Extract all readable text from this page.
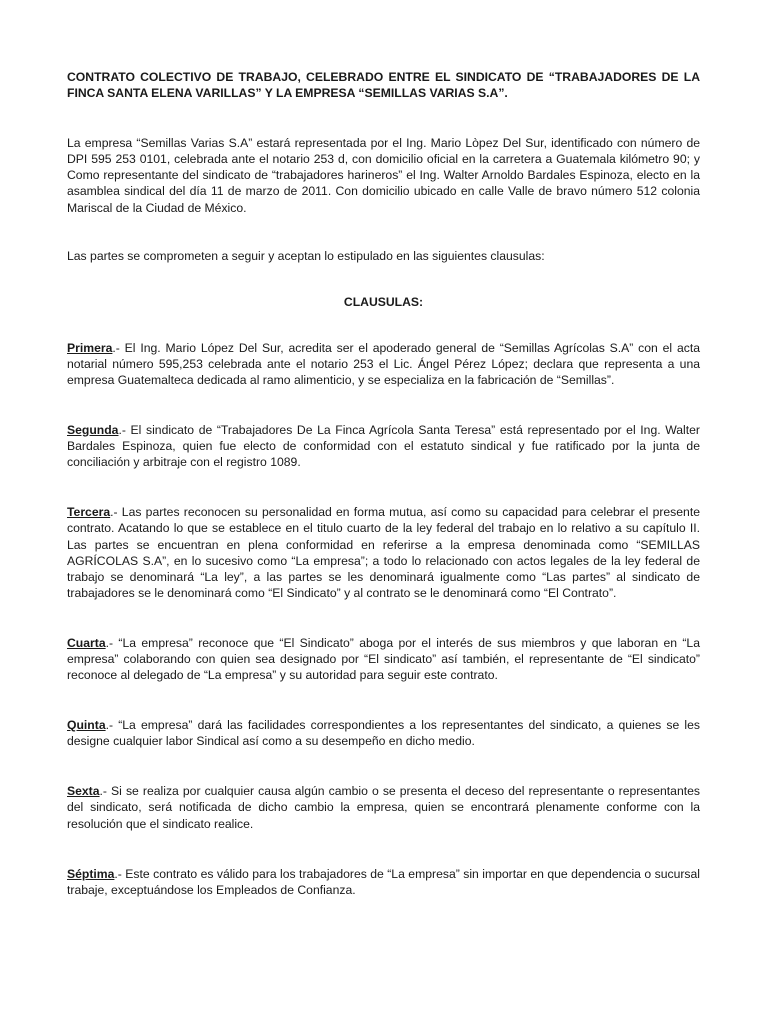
CONTRATO COLECTIVO DE TRABAJO, CELEBRADO ENTRE EL SINDICATO DE “TRABAJADORES DE LA FINCA SANTA ELENA VARILLAS” Y LA EMPRESA “SEMILLAS VARIAS S.A”.

La empresa “Semillas Varias S.A” estará representada por el Ing. Mario Lòpez Del Sur, identificado con número de DPI 595 253 0101, celebrada ante el notario 253 d, con domicilio oficial en la carretera a Guatemala kilómetro 90; y Como representante del sindicato de “trabajadores harineros” el Ing. Walter Arnoldo Bardales Espinoza, electo en la asamblea sindical del día 11 de marzo de 2011. Con domicilio ubicado en calle Valle de bravo número 512 colonia Mariscal de la Ciudad de México.

Las partes se comprometen a seguir y aceptan lo estipulado en las siguientes clausulas:

CLAUSULAS:

Primera.- El Ing. Mario López Del Sur, acredita ser el apoderado general de “Semillas Agrícolas S.A” con el acta notarial número 595,253 celebrada ante el notario 253 el Lic. Ángel Pérez López; declara que representa a una empresa Guatemalteca dedicada al ramo alimenticio, y se especializa en la fabricación de “Semillas”.

Segunda.- El sindicato de “Trabajadores De La Finca Agrícola Santa Teresa” está representado por el Ing. Walter Bardales Espinoza, quien fue electo de conformidad con el estatuto sindical y fue ratificado por la junta de conciliación y arbitraje con el registro 1089.

Tercera.- Las partes reconocen su personalidad en forma mutua, así como su capacidad para celebrar el presente contrato. Acatando lo que se establece en el titulo cuarto de la ley federal del trabajo en lo relativo a su capítulo II. Las partes se encuentran en plena conformidad en referirse a la empresa denominada como “SEMILLAS AGRÍCOLAS S.A”, en lo sucesivo como “La empresa”; a todo lo relacionado con actos legales de la ley federal de trabajo se denominará “La ley”, a las partes se les denominará igualmente como “Las partes” al sindicato de trabajadores se le denominará como “El Sindicato” y al contrato se le denominará como “El Contrato”.

Cuarta.- “La empresa” reconoce que “El Sindicato” aboga por el interés de sus miembros y que laboran en “La empresa” colaborando con quien sea designado por “El sindicato” así también, el representante de “El sindicato” reconoce al delegado de “La empresa” y su autoridad para seguir este contrato.

Quinta.- “La empresa” dará las facilidades correspondientes a los representantes del sindicato, a quienes se les designe cualquier labor Sindical así como a su desempeño en dicho medio.

Sexta.- Si se realiza por cualquier causa algún cambio o se presenta el deceso del representante o representantes del sindicato, será notificada de dicho cambio la empresa, quien se encontrará plenamente conforme con la resolución que el sindicato realice.

Séptima.- Este contrato es válido para los trabajadores de “La empresa” sin importar en que dependencia o sucursal trabaje, exceptuándose los Empleados de Confianza.
